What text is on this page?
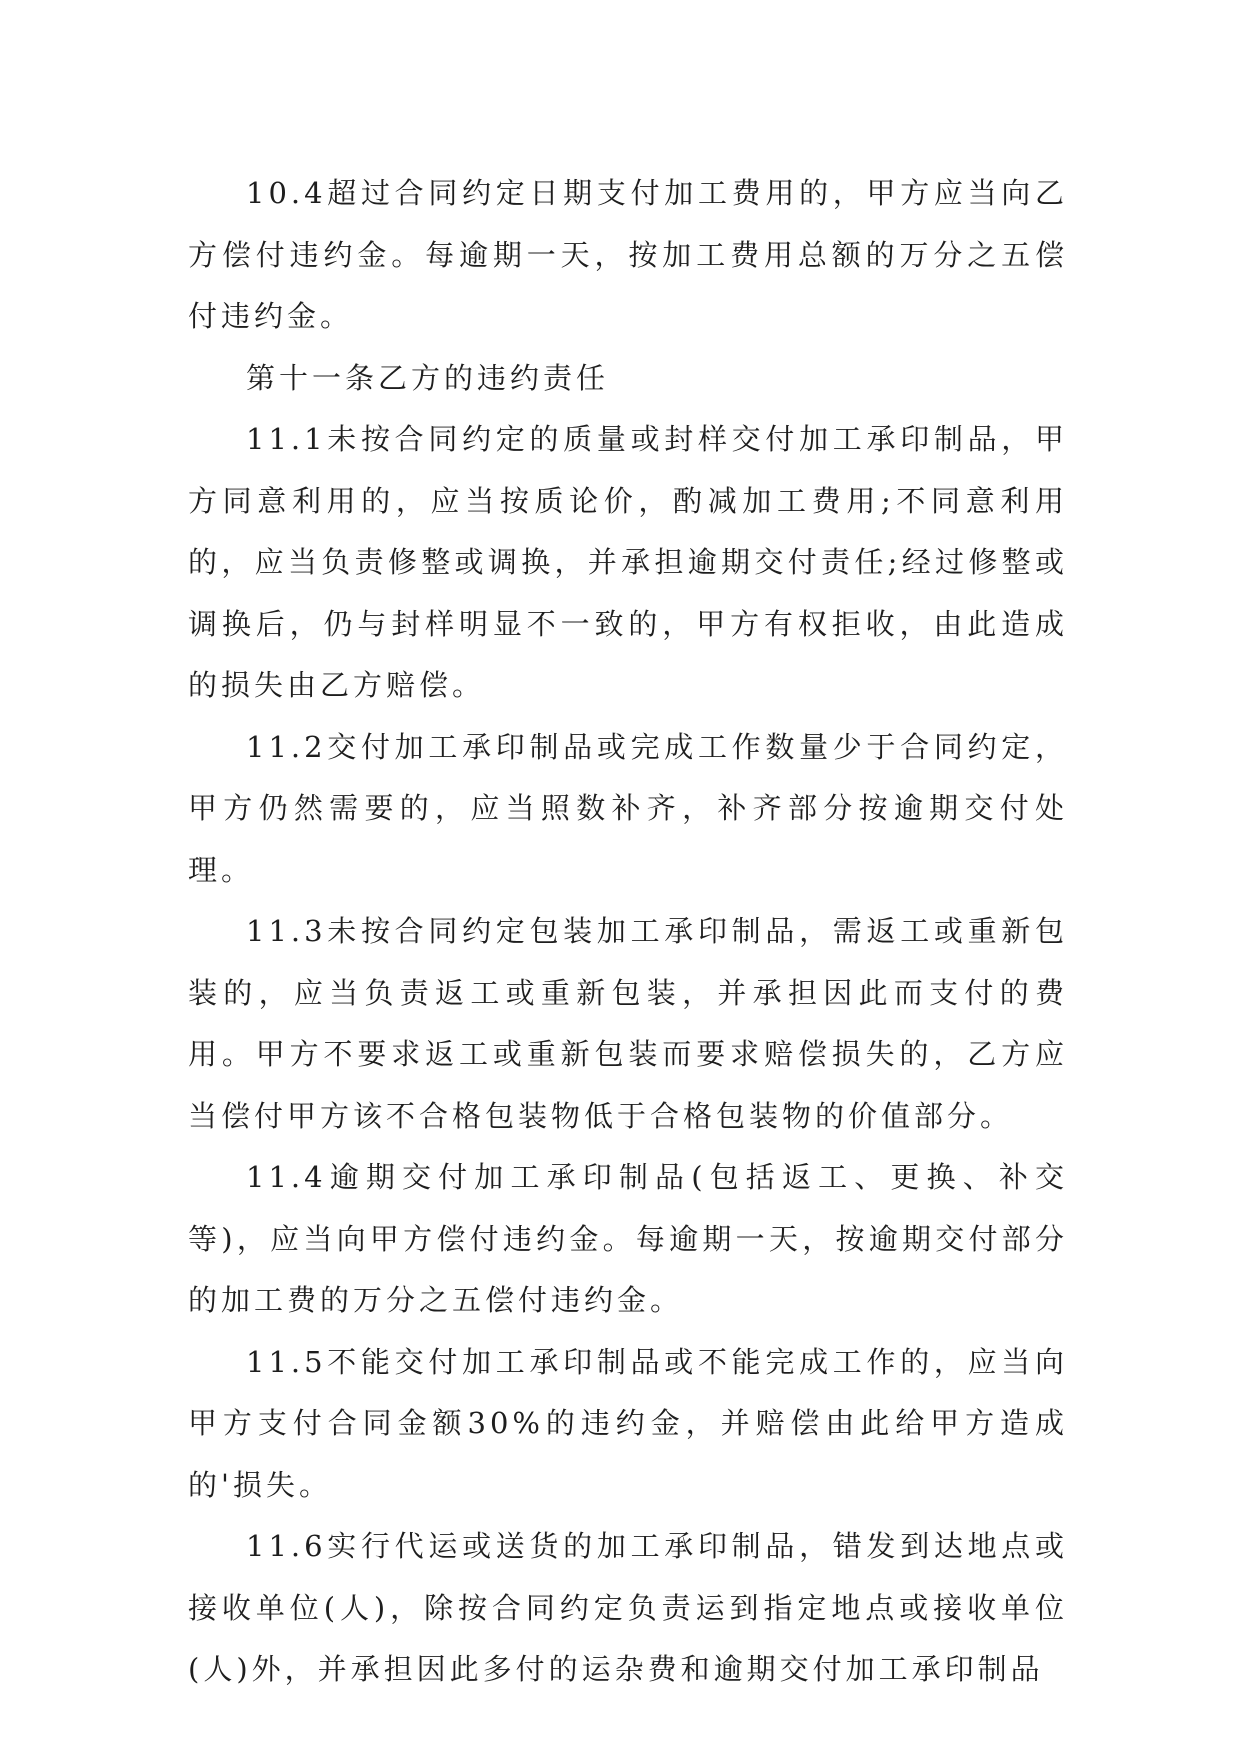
10.4超过合同约定日期支付加工费用的，甲方应当向乙方偿付违约金。每逾期一天，按加工费用总额的万分之五偿付违约金。

第十一条乙方的违约责任

11.1未按合同约定的质量或封样交付加工承印制品，甲方同意利用的，应当按质论价，酌减加工费用;不同意利用的，应当负责修整或调换，并承担逾期交付责任;经过修整或调换后，仍与封样明显不一致的，甲方有权拒收，由此造成的损失由乙方赔偿。

11.2交付加工承印制品或完成工作数量少于合同约定，甲方仍然需要的，应当照数补齐，补齐部分按逾期交付处理。

11.3未按合同约定包装加工承印制品，需返工或重新包装的，应当负责返工或重新包装，并承担因此而支付的费用。甲方不要求返工或重新包装而要求赔偿损失的，乙方应当偿付甲方该不合格包装物低于合格包装物的价值部分。

11.4逾期交付加工承印制品(包括返工、更换、补交等)，应当向甲方偿付违约金。每逾期一天，按逾期交付部分的加工费的万分之五偿付违约金。

11.5不能交付加工承印制品或不能完成工作的，应当向甲方支付合同金额30%的违约金，并赔偿由此给甲方造成的'损失。

11.6实行代运或送货的加工承印制品，错发到达地点或接收单位(人)，除按合同约定负责运到指定地点或接收单位(人)外，并承担因此多付的运杂费和逾期交付加工承印制品
